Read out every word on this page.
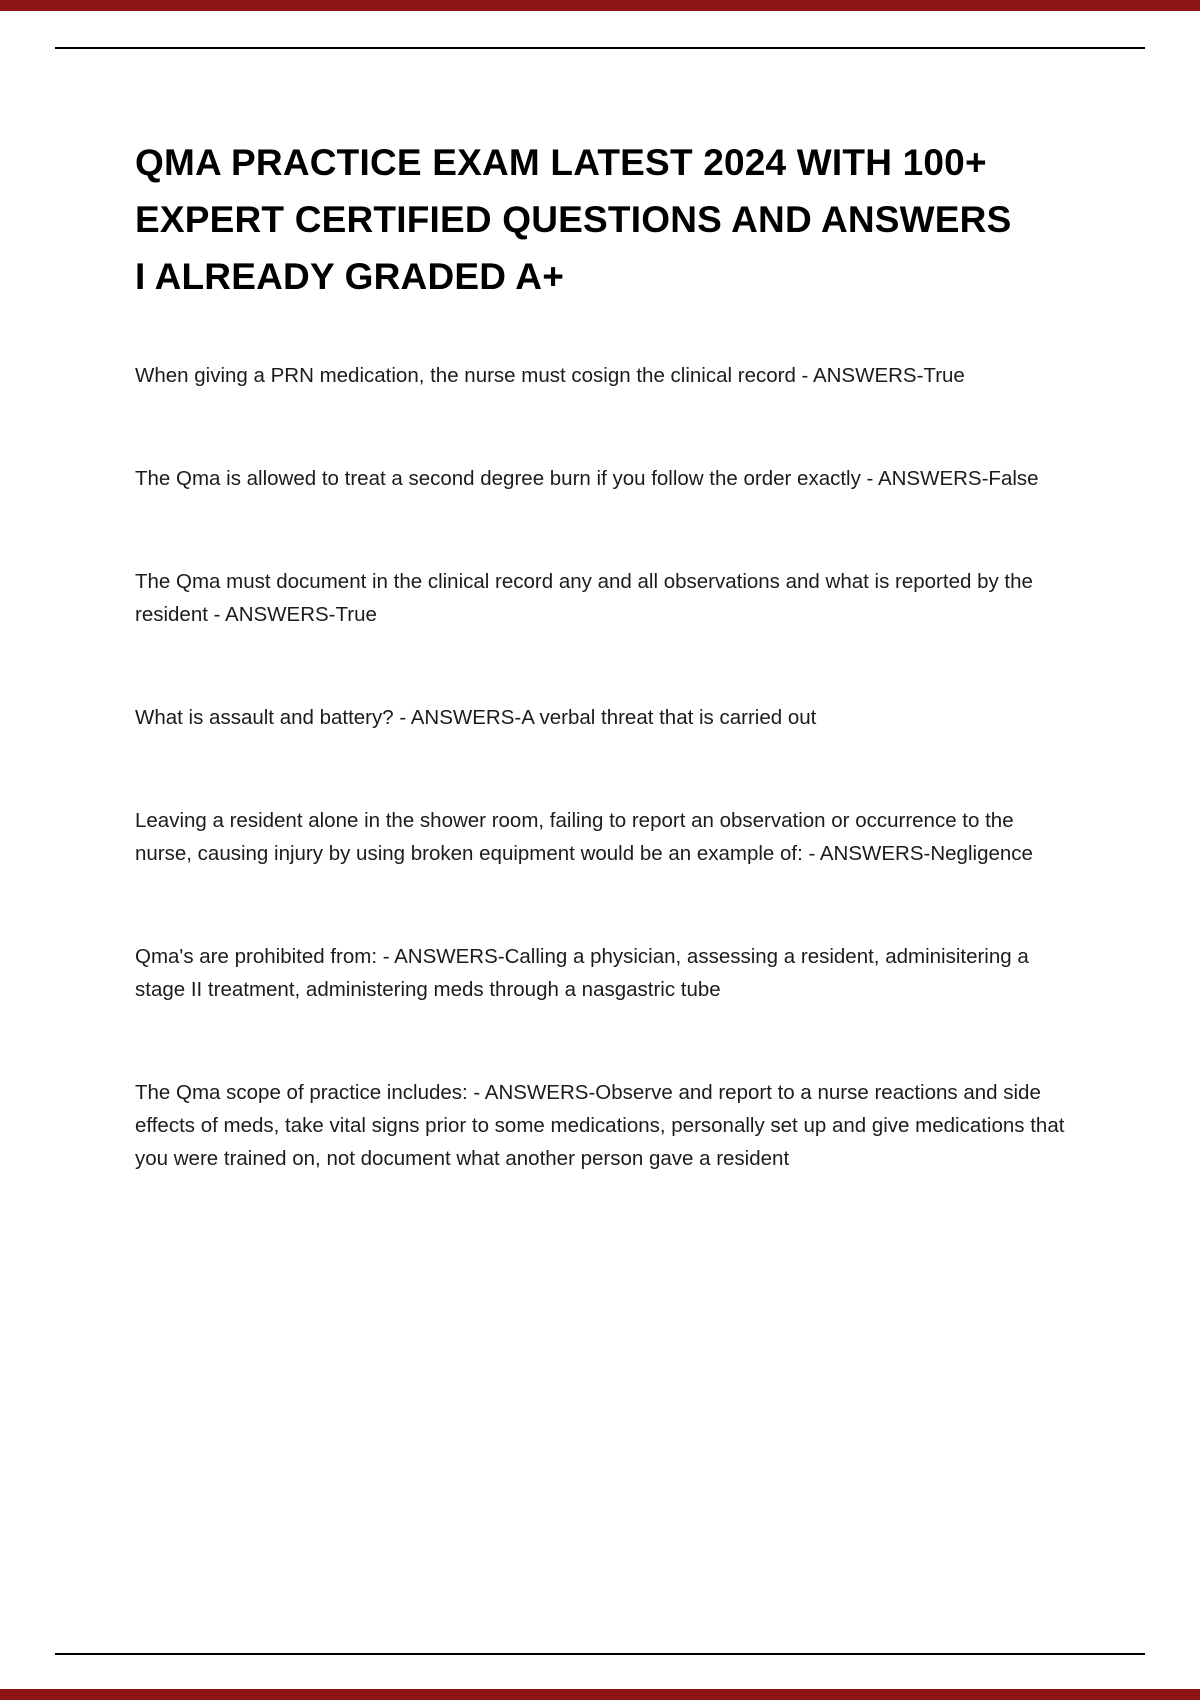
QMA PRACTICE EXAM LATEST 2024 WITH 100+
EXPERT CERTIFIED QUESTIONS AND ANSWERS
I ALREADY GRADED A+

When giving a PRN medication, the nurse must cosign the clinical record - ANSWERS-True

The Qma is allowed to treat a second degree burn if you follow the order exactly - ANSWERS-False

The Qma must document in the clinical record any and all observations and what is reported by the resident - ANSWERS-True

What is assault and battery? - ANSWERS-A verbal threat that is carried out

Leaving a resident alone in the shower room, failing to report an observation or occurrence to the nurse, causing injury by using broken equipment would be an example of: - ANSWERS-Negligence

Qma's are prohibited from: - ANSWERS-Calling a physician, assessing a resident, adminisitering a stage II treatment, administering meds through a nasgastric tube

The Qma scope of practice includes: - ANSWERS-Observe and report to a nurse reactions and side effects of meds, take vital signs prior to some medications, personally set up and give medications that you were trained on, not document what another person gave a resident
